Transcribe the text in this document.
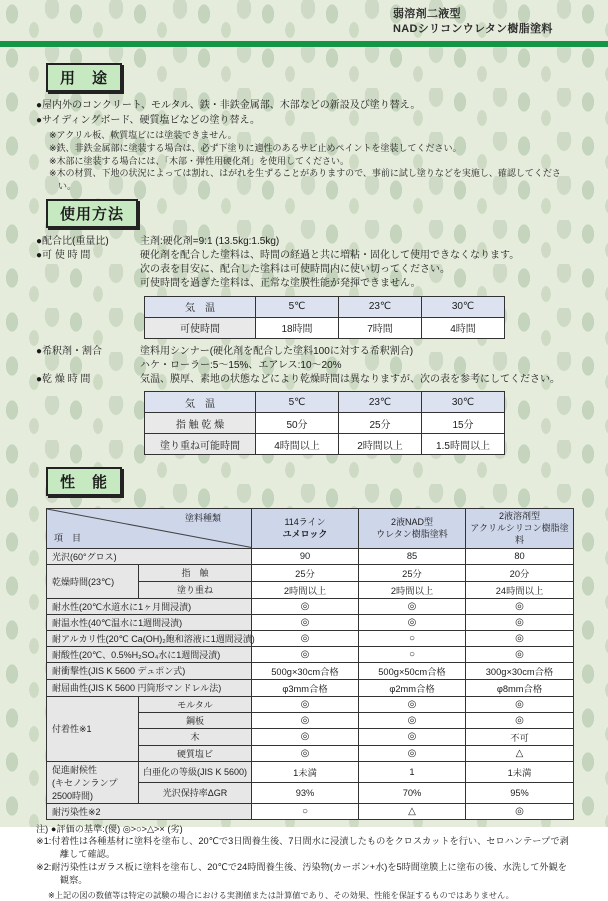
弱溶剤二液型
NADシリコンウレタン樹脂塗料
用　途

●屋内外のコンクリート、モルタル、鉄・非鉄金属部、木部などの新設及び塗り替え。

●サイディングボード、硬質塩ビなどの塗り替え。

※アクリル板、軟質塩ビには塗装できません。

※鉄、非鉄金属部に塗装する場合は、必ず下塗りに適性のあるサビ止めペイントを塗装してください。

※木部に塗装する場合には、「木部・弾性用硬化剤」を使用してください。

※木の材質、下地の状況によっては割れ、はがれを生ずることがありますので、事前に試し塗りなどを実施し、確認してください。

使用方法
●配合比(重量比)	主剤:硬化剤=9:1 (13.5kg:1.5kg)
●可 使 時 間	硬化剤を配合した塗料は、時間の経過と共に増粘・固化して使用できなくなります。

次の表を目安に、配合した塗料は可使時間内に使い切ってください。

可使時間を過ぎた塗料は、正常な塗膜性能が発揮できません。

気　温	5℃	23℃	30℃
可使時間	18時間	7時間	4時間
●希釈剤・割合	塗料用シンナー(硬化剤を配合した塗料100に対する希釈割合)

ハケ・ローラー:5〜15%、エアレス:10〜20%

●乾 燥 時 間	気温、膜厚、素地の状態などにより乾燥時間は異なりますが、次の表を参考にしてください。

気　温	5℃	23℃	30℃
指 触 乾 燥	50分	25分	15分
塗り重ね可能時間	4時間以上	2時間以上	1.5時間以上
性　能
塗料種類
項　目

114ライン
ユメロック

2液NAD型
ウレタン樹脂塗料

2液溶剤型
アクリルシリコン樹脂塗料

光沢(60°グロス)		90	85	80
乾燥時間(23℃)	指　触	25分	25分	20分
	塗り重ね	2時間以上	2時間以上	24時間以上
耐水性(20℃水道水に1ヶ月間浸漬)		◎	◎	◎
耐温水性(40℃温水に1週間浸漬)		◎	◎	◎
耐アルカリ性(20℃ Ca(OH)₂飽和溶液に1週間浸漬)		◎	○	◎
耐酸性(20℃、0.5%H₂SO₄水に1週間浸漬)		◎	○	◎
耐衝撃性(JIS K 5600 デュポン式)		500g×30cm合格	500g×50cm合格	300g×30cm合格
耐屈曲性(JIS K 5600 円筒形マンドレル法)		φ3mm合格	φ2mm合格	φ8mm合格
付着性※1	モルタル	◎	◎	◎
	鋼板	◎	◎	◎
	木	◎	◎	不可
	硬質塩ビ	◎	◎	△

促進耐候性
(キセノンランプ2500時間)	白亜化の等級(JIS K 5600)	1未満	1	1未満
	光沢保持率ΔGR	93%	70%	95%
耐汚染性※2		○	△	◎

注) ●評価の基準:(優) ◎>○>△>× (劣)

※1:付着性は各種基材に塗料を塗布し、20℃で3日間養生後、7日間水に浸漬したものをクロスカットを行い、セロハンテープで剥離して確認。

※2:耐汚染性はガラス板に塗料を塗布し、20℃で24時間養生後、汚染物(カーボン+水)を5時間塗膜上に塗布の後、水洗して外観を観察。

※上記の図の数値等は特定の試験の場合における実測値または計算値であり、その効果、性能を保証するものではありません。
